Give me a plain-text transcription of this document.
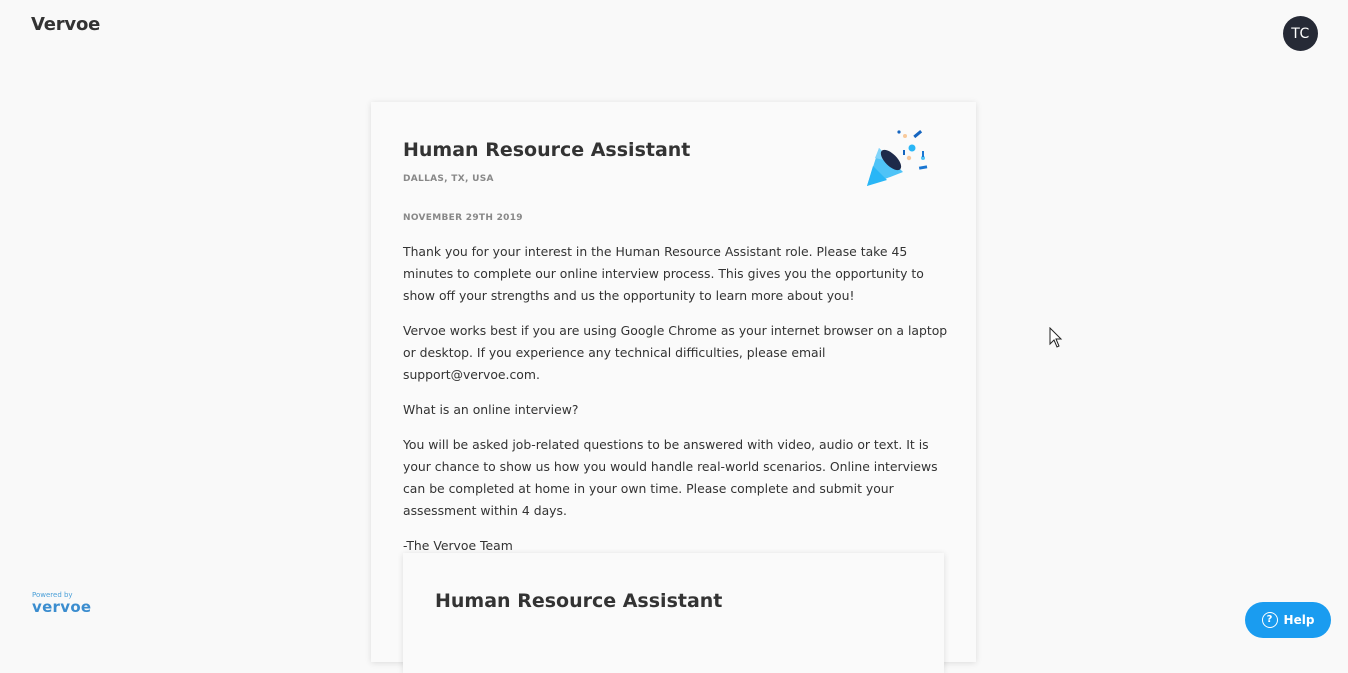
Vervoe	TC
Human Resource Assistant
DALLAS, TX, USA
NOVEMBER 29TH 2019

Thank you for your interest in the Human Resource Assistant role. Please take 45 minutes to complete our online interview process. This gives you the opportunity to show off your strengths and us the opportunity to learn more about you!

Vervoe works best if you are using Google Chrome as your internet browser on a laptop or desktop. If you experience any technical difficulties, please email support@vervoe.com.

What is an online interview?

You will be asked job-related questions to be answered with video, audio or text. It is your chance to show us how you would handle real-world scenarios. Online interviews can be completed at home in your own time. Please complete and submit your assessment within 4 days.

-The Vervoe Team

Human Resource Assistant
Powered by
vervoe
? Help
